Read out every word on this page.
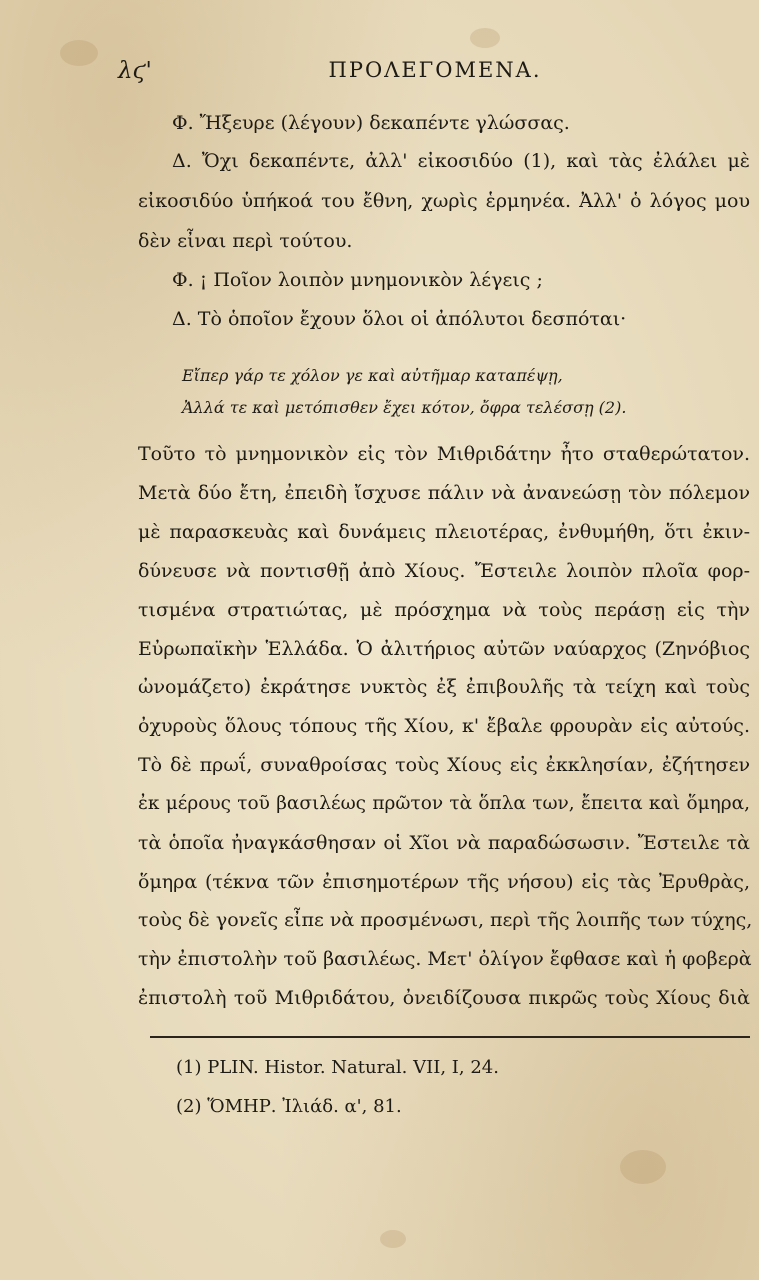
λϛ'	ΠΡΟΛΕΓΟΜΕΝΑ.
Φ. Ἤξευρε (λέγουν) δεκαπέντε γλώσσας.
Δ. Ὄχι δεκαπέντε, ἀλλ' εἰκοσιδύο (1), καὶ τὰς ἐλάλει μὲ
εἰκοσιδύο ὑπήκοά του ἔθνη, χωρὶς ἑρμηνέα. Ἀλλ' ὁ λόγος μου
δὲν εἶναι περὶ τούτου.
Φ. ¡ Ποῖον λοιπὸν μνημονικὸν λέγεις ;
Δ. Τὸ ὁποῖον ἔχουν ὅλοι οἱ ἀπόλυτοι δεσπόται·
Εἴπερ γάρ τε χόλον γε καὶ αὐτῆμαρ καταπέψῃ,
Ἀλλά τε καὶ μετόπισθεν ἔχει κότον, ὄφρα τελέσσῃ (2).
Τοῦτο τὸ μνημονικὸν εἰς τὸν Μιθριδάτην ἦτο σταθερώτατον.
Μετὰ δύο ἔτη, ἐπειδὴ ἴσχυσε πάλιν νὰ ἀνανεώσῃ τὸν πόλεμον
μὲ παρασκευὰς καὶ δυνάμεις πλειοτέρας, ἐνθυμήθη, ὅτι ἐκιν-
δύνευσε νὰ ποντισθῇ ἀπὸ Χίους. Ἔστειλε λοιπὸν πλοῖα φορ-
τισμένα στρατιώτας, μὲ πρόσχημα νὰ τοὺς περάσῃ εἰς τὴν
Εὐρωπαϊκὴν Ἑλλάδα. Ὁ ἀλιτήριος αὐτῶν ναύαρχος (Ζηνόβιος
ὠνομάζετο) ἐκράτησε νυκτὸς ἐξ ἐπιβουλῆς τὰ τείχη καὶ τοὺς
ὀχυροὺς ὅλους τόπους τῆς Χίου, κ' ἔβαλε φρουρὰν εἰς αὐτούς.
Τὸ δὲ πρωΐ, συναθροίσας τοὺς Χίους εἰς ἐκκλησίαν, ἐζήτησεν
ἐκ μέρους τοῦ βασιλέως πρῶτον τὰ ὅπλα των, ἔπειτα καὶ ὅμηρα,
τὰ ὁποῖα ἠναγκάσθησαν οἱ Χῖοι νὰ παραδώσωσιν. Ἔστειλε τὰ
ὅμηρα (τέκνα τῶν ἐπισημοτέρων τῆς νήσου) εἰς τὰς Ἐρυθρὰς,
τοὺς δὲ γονεῖς εἶπε νὰ προσμένωσι, περὶ τῆς λοιπῆς των τύχης,
τὴν ἐπιστολὴν τοῦ βασιλέως. Μετ' ὀλίγον ἔφθασε καὶ ἡ φοβερὰ
ἐπιστολὴ τοῦ Μιθριδάτου, ὀνειδίζουσα πικρῶς τοὺς Χίους διὰ
(1) PLIN. Histor. Natural. VII, I, 24.
(2) ὍΜΗΡ. Ἰλιάδ. α', 81.
